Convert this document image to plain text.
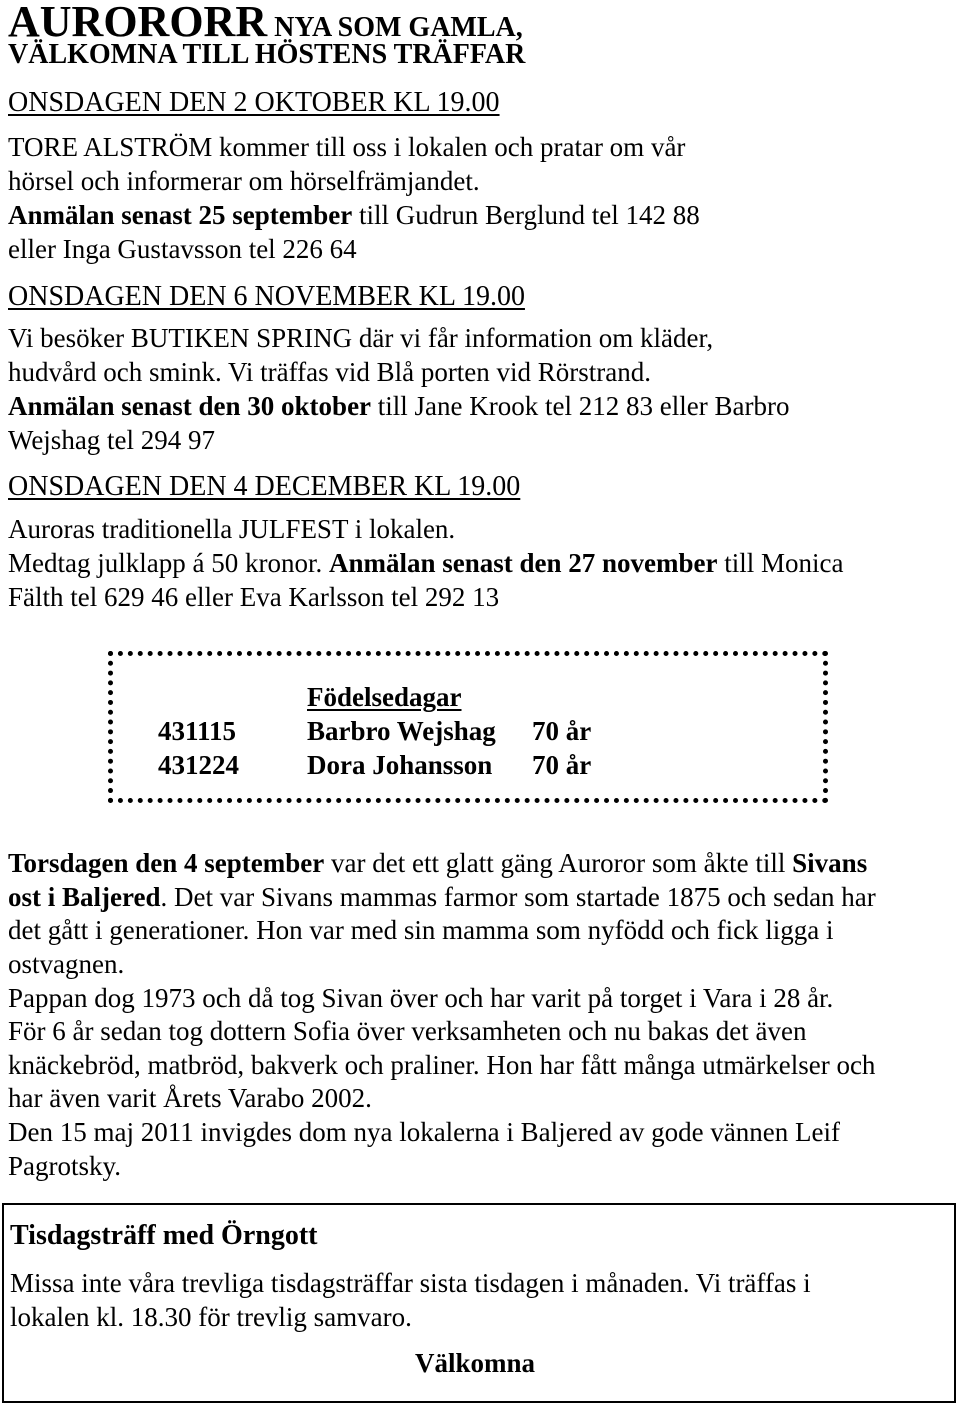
AURORORR NYA SOM GAMLA,
VÄLKOMNA TILL HÖSTENS TRÄFFAR
ONSDAGEN DEN 2 OKTOBER KL 19.00
TORE ALSTRÖM kommer till oss i lokalen och pratar om vår
hörsel och informerar om hörselfrämjandet.
Anmälan senast 25 september till Gudrun Berglund tel 142 88
eller Inga Gustavsson tel 226 64
ONSDAGEN DEN 6 NOVEMBER KL 19.00
Vi besöker BUTIKEN SPRING där vi får information om kläder,
hudvård och smink. Vi träffas vid Blå porten vid Rörstrand.
Anmälan senast den 30 oktober till Jane Krook tel 212 83 eller Barbro
Wejshag tel 294 97
ONSDAGEN DEN 4 DECEMBER KL 19.00
Auroras traditionella JULFEST i lokalen.
Medtag julklapp á 50 kronor. Anmälan senast den 27 november till Monica
Fälth tel 629 46 eller Eva Karlsson tel 292 13
Födelsedagar
431115	Barbro Wejshag 70 år
431224	Dora Johansson 70 år
Torsdagen den 4 september var det ett glatt gäng Auroror som åkte till Sivans
ost i Baljered. Det var Sivans mammas farmor som startade 1875 och sedan har
det gått i generationer. Hon var med sin mamma som nyfödd och fick ligga i
ostvagnen.
Pappan dog 1973 och då tog Sivan över och har varit på torget i Vara i 28 år.
För 6 år sedan tog dottern Sofia över verksamheten och nu bakas det även
knäckebröd, matbröd, bakverk och praliner. Hon har fått många utmärkelser och
har även varit Årets Varabo 2002.
Den 15 maj 2011 invigdes dom nya lokalerna i Baljered av gode vännen Leif
Pagrotsky.
Tisdagsträff med Örngott
Missa inte våra trevliga tisdagsträffar sista tisdagen i månaden. Vi träffas i
lokalen kl. 18.30 för trevlig samvaro.
Välkomna
